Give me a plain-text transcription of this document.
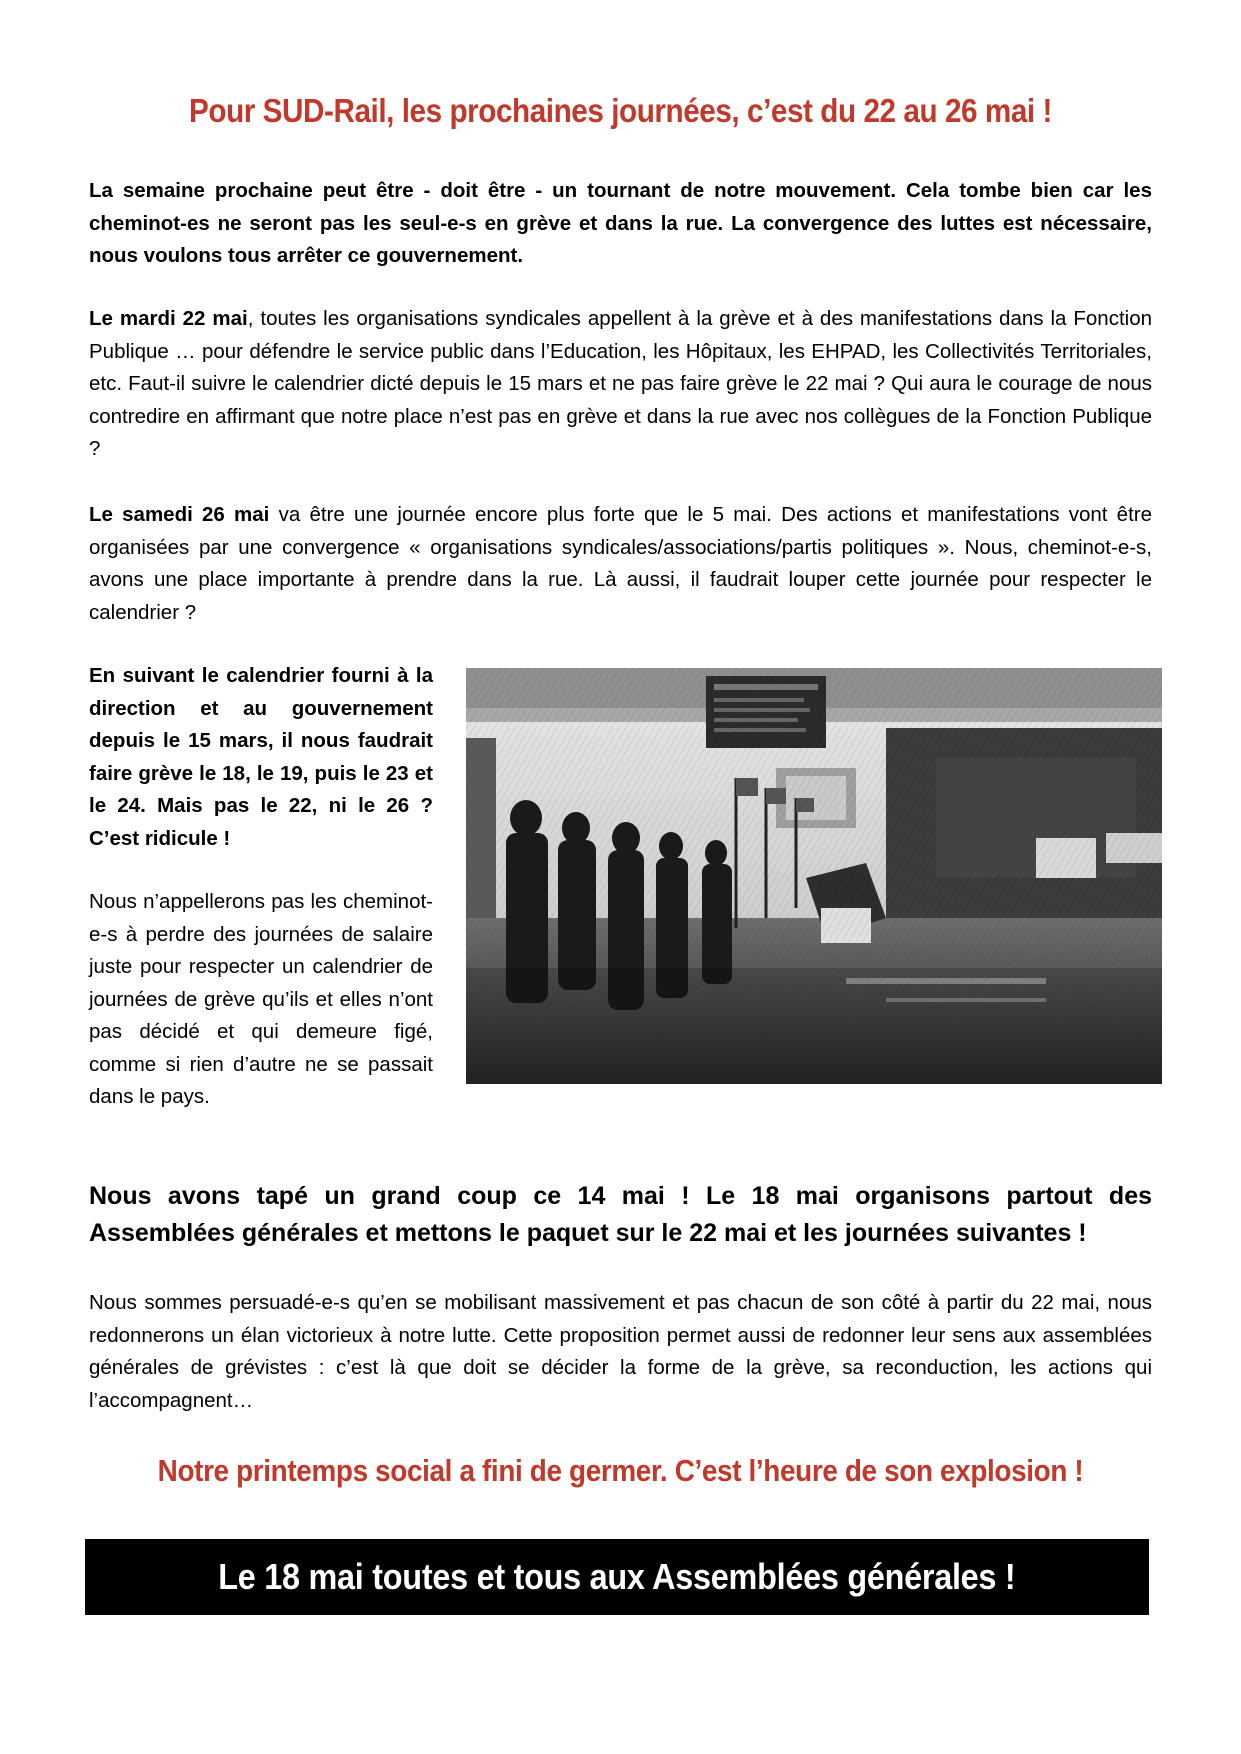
Pour SUD-Rail, les prochaines journées, c’est du 22 au 26 mai !
La semaine prochaine peut être - doit être - un tournant de notre mouvement. Cela tombe bien car les cheminot-es ne seront pas les seul-e-s en grève et dans la rue. La convergence des luttes est nécessaire, nous voulons tous arrêter ce gouvernement.
Le mardi 22 mai, toutes les organisations syndicales appellent à la grève et à des manifestations dans la Fonction Publique … pour défendre le service public dans l’Education, les Hôpitaux, les EHPAD, les Collectivités Territoriales, etc. Faut-il suivre le calendrier dicté depuis le 15 mars et ne pas faire grève le 22 mai ? Qui aura le courage de nous contredire en affirmant que notre place n’est pas en grève et dans la rue avec nos collègues de la Fonction Publique ?
Le samedi 26 mai va être une journée encore plus forte que le 5 mai. Des actions et manifestations vont être organisées par une convergence « organisations syndicales/associations/partis politiques ». Nous, cheminot-e-s, avons une place importante à prendre dans la rue. Là aussi, il faudrait louper cette journée pour respecter le calendrier ?
En suivant le calendrier fourni à la direction et au gouvernement depuis le 15 mars, il nous faudrait faire grève le 18, le 19, puis le 23 et le 24. Mais pas le 22, ni le 26 ? C’est ridicule !
Nous n’appellerons pas les cheminot-e-s à perdre des journées de salaire juste pour respecter un calendrier de journées de grève qu’ils et elles n’ont pas décidé et qui demeure figé, comme si rien d’autre ne se passait dans le pays.
Nous avons tapé un grand coup ce 14 mai ! Le 18 mai organisons partout des Assemblées générales et mettons le paquet sur le 22 mai et les journées suivantes !
Nous sommes persuadé-e-s qu’en se mobilisant massivement et pas chacun de son côté à partir du 22 mai, nous redonnerons un élan victorieux à notre lutte. Cette proposition permet aussi de redonner leur sens aux assemblées générales de grévistes : c’est là que doit se décider la forme de la grève, sa reconduction, les actions qui l’accompagnent…
Notre printemps social a fini de germer. C’est l’heure de son explosion !
Le 18 mai toutes et tous aux Assemblées générales !
